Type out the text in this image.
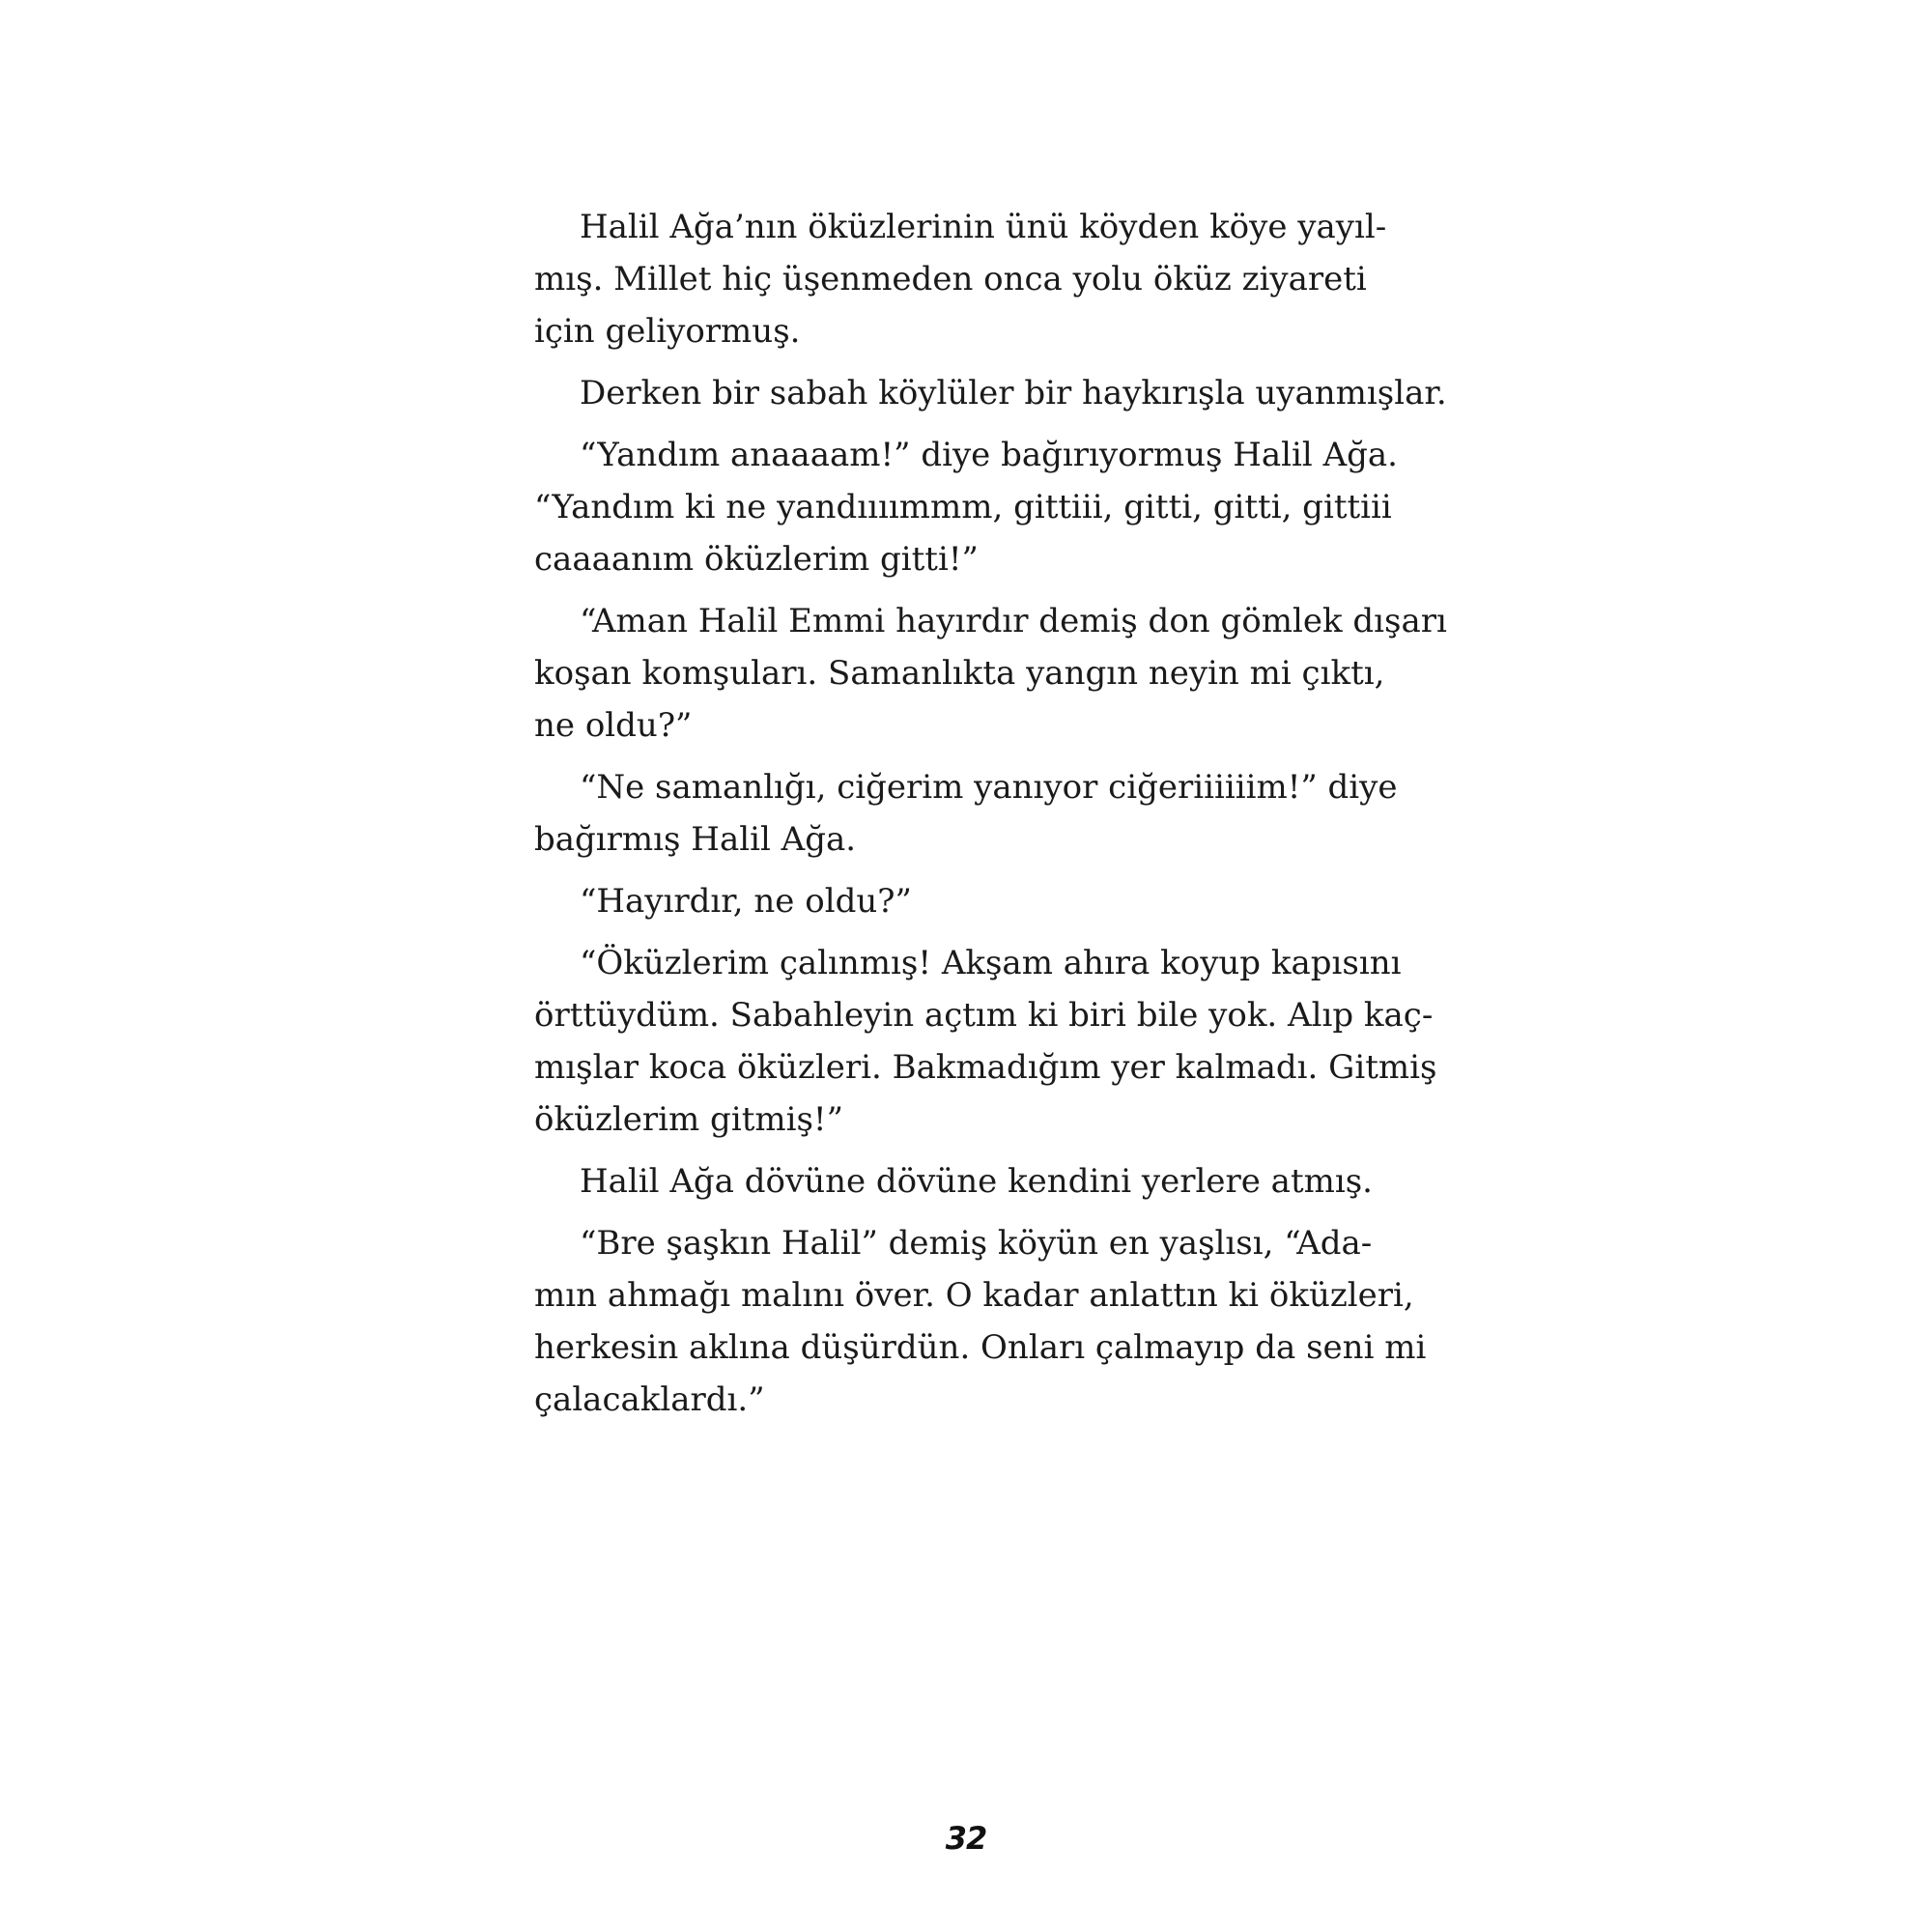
Halil Ağa’nın öküzlerinin ünü köyden köye yayıl-
mış. Millet hiç üşenmeden onca yolu öküz ziyareti
için geliyormuş.
Derken bir sabah köylüler bir haykırışla uyanmışlar.
“Yandım anaaaam!” diye bağırıyormuş Halil Ağa.
“Yandım ki ne yandıııımmm, gittiii, gitti, gitti, gittiii
caaaanım öküzlerim gitti!”
“Aman Halil Emmi hayırdır demiş don gömlek dışarı
koşan komşuları. Samanlıkta yangın neyin mi çıktı,
ne oldu?”
“Ne samanlığı, ciğerim yanıyor ciğeriiiiiim!” diye
bağırmış Halil Ağa.
“Hayırdır, ne oldu?”
“Öküzlerim çalınmış! Akşam ahıra koyup kapısını
örttüydüm. Sabahleyin açtım ki biri bile yok. Alıp kaç-
mışlar koca öküzleri. Bakmadığım yer kalmadı. Gitmiş
öküzlerim gitmiş!”
Halil Ağa dövüne dövüne kendini yerlere atmış.
“Bre şaşkın Halil” demiş köyün en yaşlısı, “Ada-
mın ahmağı malını över. O kadar anlattın ki öküzleri,
herkesin aklına düşürdün. Onları çalmayıp da seni mi
çalacaklardı.”
32
